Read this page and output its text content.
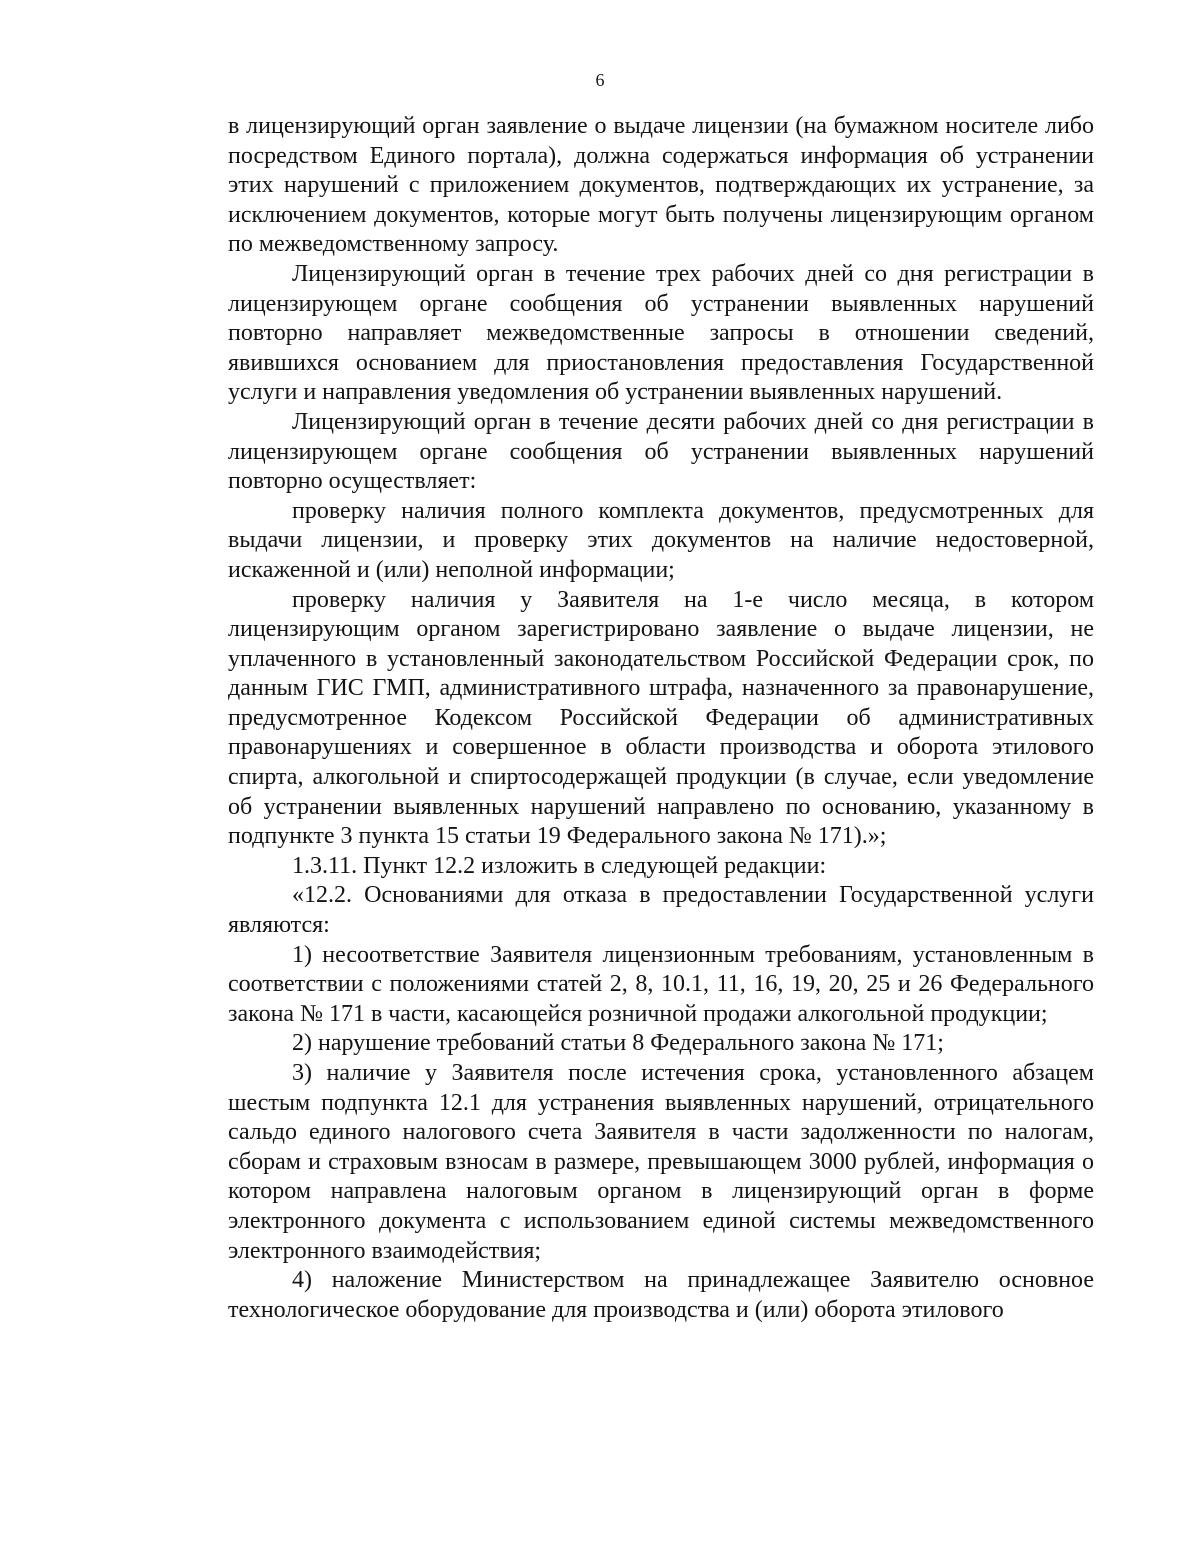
6

в лицензирующий орган заявление о выдаче лицензии (на бумажном носителе либо посредством Единого портала), должна содержаться информация об устранении этих нарушений с приложением документов, подтверждающих их устранение, за исключением документов, которые могут быть получены лицензирующим органом по межведомственному запросу.

Лицензирующий орган в течение трех рабочих дней со дня регистрации в лицензирующем органе сообщения об устранении выявленных нарушений повторно направляет межведомственные запросы в отношении сведений, явившихся основанием для приостановления предоставления Государственной услуги и направления уведомления об устранении выявленных нарушений.

Лицензирующий орган в течение десяти рабочих дней со дня регистрации в лицензирующем органе сообщения об устранении выявленных нарушений повторно осуществляет:

проверку наличия полного комплекта документов, предусмотренных для выдачи лицензии, и проверку этих документов на наличие недостоверной, искаженной и (или) неполной информации;

проверку наличия у Заявителя на 1-е число месяца, в котором лицензирующим органом зарегистрировано заявление о выдаче лицензии, не уплаченного в установленный законодательством Российской Федерации срок, по данным ГИС ГМП, административного штрафа, назначенного за правонарушение, предусмотренное Кодексом Российской Федерации об административных правонарушениях и совершенное в области производства и оборота этилового спирта, алкогольной и спиртосодержащей продукции (в случае, если уведомление об устранении выявленных нарушений направлено по основанию, указанному в подпункте 3 пункта 15 статьи 19 Федерального закона № 171).»;

1.3.11. Пункт 12.2 изложить в следующей редакции:

«12.2. Основаниями для отказа в предоставлении Государственной услуги являются:

1) несоответствие Заявителя лицензионным требованиям, установленным в соответствии с положениями статей 2, 8, 10.1, 11, 16, 19, 20, 25 и 26 Федерального закона № 171 в части, касающейся розничной продажи алкогольной продукции;

2) нарушение требований статьи 8 Федерального закона № 171;

3) наличие у Заявителя после истечения срока, установленного абзацем шестым подпункта 12.1 для устранения выявленных нарушений, отрицательного сальдо единого налогового счета Заявителя в части задолженности по налогам, сборам и страховым взносам в размере, превышающем 3000 рублей, информация о котором направлена налоговым органом в лицензирующий орган в форме электронного документа с использованием единой системы межведомственного электронного взаимодействия;

4) наложение Министерством на принадлежащее Заявителю основное технологическое оборудование для производства и (или) оборота этилового
